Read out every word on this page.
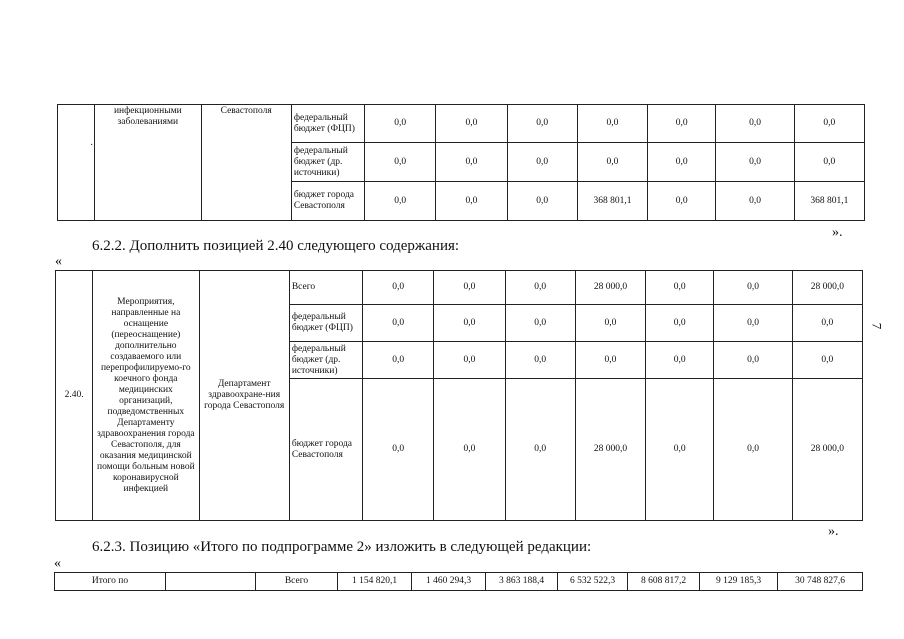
	инфекционными заболеваниями	Севастополя	федеральный бюджет (ФЦП)	0,0	0,0	0,0	0,0	0,0	0,0	0,0
			федеральный бюджет (др. источники)	0,0	0,0	0,0	0,0	0,0	0,0	0,0
			бюджет города Севастополя	0,0	0,0	0,0	368 801,1	0,0	0,0	368 801,1
·
».
6.2.2. Дополнить позицией 2.40 следующего содержания:
«
2.40.	Мероприятия, направленные на оснащение (переоснащение) дополнительно создаваемого или перепрофилируемо-го коечного фонда медицинских организаций, подведомственных Департаменту здравоохранения города Севастополя, для оказания медицинской помощи больным новой коронавирусной инфекцией	Департамент здравоохране-ния города Севастополя	Всего	0,0	0,0	0,0	28 000,0	0,0	0,0	28 000,0
			федеральный бюджет (ФЦП)	0,0	0,0	0,0	0,0	0,0	0,0	0,0
			федеральный бюджет (др. источники)	0,0	0,0	0,0	0,0	0,0	0,0	0,0
			бюджет города Севастополя	0,0	0,0	0,0	28 000,0	0,0	0,0	28 000,0
7
».
6.2.3. Позицию «Итого по подпрограмме 2» изложить в следующей редакции:
«
Итого по		Всего	1 154 820,1	1 460 294,3	3 863 188,4	6 532 522,3	8 608 817,2	9 129 185,3	30 748 827,6
